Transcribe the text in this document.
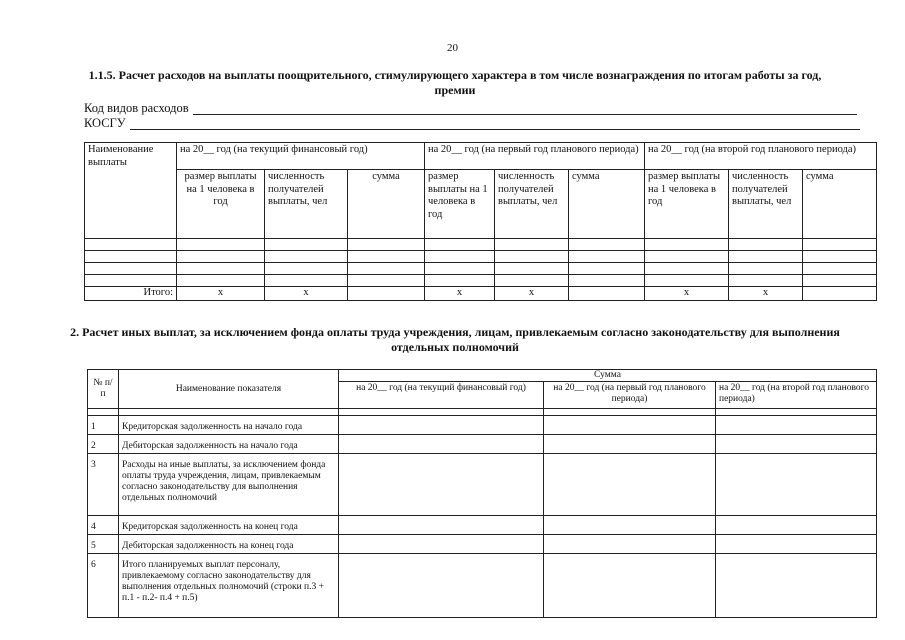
20
1.1.5. Расчет расходов на выплаты поощрительного, стимулирующего характера в том числе вознаграждения по итогам работы за год, премии
Код видов расходов
КОСГУ
Наименование выплаты	на 20__ год (на текущий финансовый год)			на 20__ год (на первый год планового периода)			на 20__ год (на второй год планового периода)		
	размер выплаты на 1 человека в год	численность получателей выплаты, чел	сумма	размер выплаты на 1 человека в год	численность получателей выплаты, чел	сумма	размер выплаты на 1 человека в год	численность получателей выплаты, чел	сумма

Итого:	х	х		х	х		х	х	
2. Расчет иных выплат, за исключением фонда оплаты труда учреждения, лицам, привлекаемым согласно законодательству для выполнения отдельных полномочий
№ п/п	Наименование показателя	Сумма		
		на 20__ год (на текущий финансовый год)	на 20__ год (на первый год планового периода)	на 20__ год (на второй год планового периода)

1	Кредиторская задолженность на начало года			
2	Дебиторская задолженность на начало года			
3	Расходы на иные выплаты, за исключением фонда оплаты труда учреждения, лицам, привлекаемым согласно законодательству для выполнения отдельных полномочий			
4	Кредиторская задолженность на конец года			
5	Дебиторская задолженность на конец года			
6	Итого планируемых выплат персоналу, привлекаемому согласно законодательству для выполнения отдельных полномочий (строки п.3 + п.1 - п.2- п.4 + п.5)			
